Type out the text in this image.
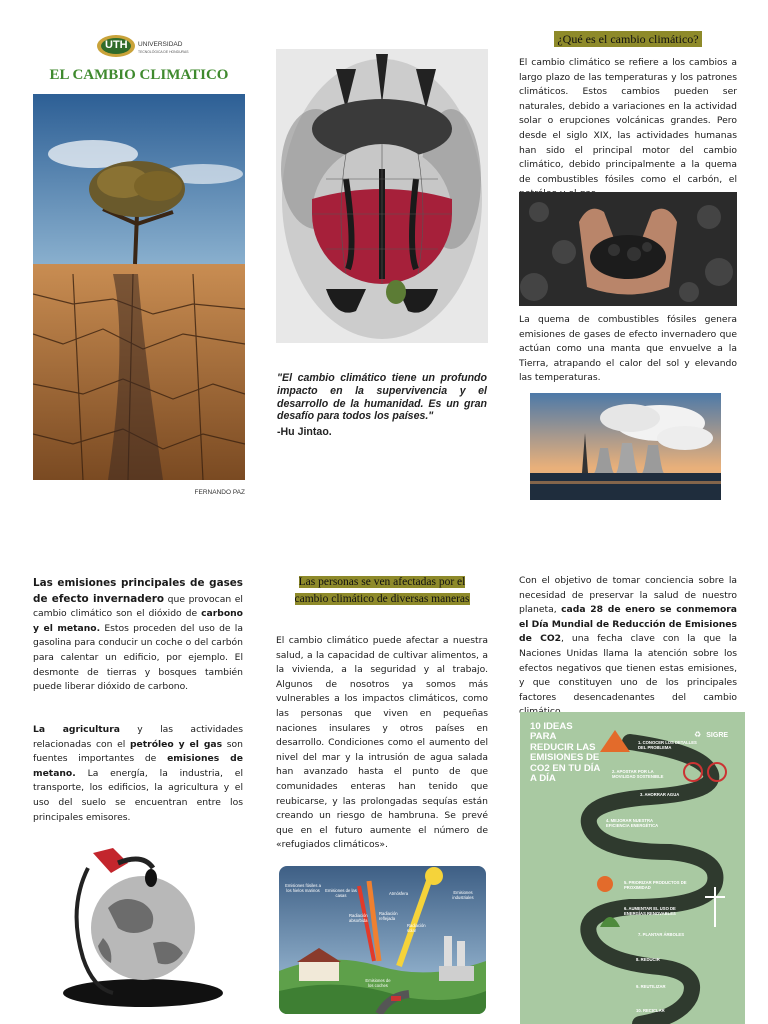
UTH UNIVERSIDAD
TECNOLÓGICA DE HONDURAS
EL CAMBIO CLIMATICO
FERNANDO PAZ
"El cambio climático tiene un profundo impacto en la supervivencia y el desarrollo de la humanidad. Es un gran desafío para todos los países."
-Hu Jintao.
¿Qué es el cambio climático?
El cambio climático se refiere a los cambios a largo plazo de las temperaturas y los patrones climáticos. Estos cambios pueden ser naturales, debido a variaciones en la actividad solar o erupciones volcánicas grandes. Pero desde el siglo XIX, las actividades humanas han sido el principal motor del cambio climático, debido principalmente a la quema de combustibles fósiles como el carbón, el
La quema de combustibles fósiles genera emisiones de gases de efecto invernadero que actúan como una manta que envuelve a la Tierra, atrapando el calor del sol y elevando las temperaturas.
Las emisiones principales de gases de efecto invernadero que provocan el cambio climático son el dióxido de carbono y el metano. Estos proceden del uso de la gasolina para conducir un coche o del carbón para calentar un edificio, por ejemplo. El desmonte de tierras y bosques también puede liberar dióxido de carbono.
La agricultura y las actividades relacionadas con el petróleo y el gas son fuentes importantes de emisiones de metano. La energía, la industria, el transporte, los edificios, la agricultura y el uso del suelo se encuentran entre los principales emisores.
Las personas se ven afectadas por el
cambio climático de diversas maneras
El cambio climático puede afectar a nuestra salud, a la capacidad de cultivar alimentos, a la vivienda, a la seguridad y al trabajo. Algunos de nosotros ya somos más vulnerables a los impactos climáticos, como las personas que viven en pequeñas naciones insulares y otros países en desarrollo. Condiciones como el aumento del nivel del mar y la intrusión de agua salada han avanzado hasta el punto de que comunidades enteras han tenido que reubicarse, y las prolongadas sequías están creando un riesgo de hambruna. Se prevé que en el futuro aumente el número de «refugiados climáticos».
Emisiones fósiles a los hielos marinos	Emisiones de las casas	Atmósfera	Emisiones industriales
Radiación absorbida
Radiación reflejada
Radiación solar
Emisiones de los coches
Con el objetivo de tomar conciencia sobre la necesidad de preservar la salud de nuestro planeta, cada 28 de enero se conmemora el Día Mundial de Reducción de Emisiones de CO2, una fecha clave con la que la Naciones Unidas llama la atención sobre los efectos negativos que tienen estas emisiones, y que constituyen uno de los principales factores desencadenantes del cambio
10 IDEAS PARA REDUCIR LAS EMISIONES DE CO2 EN TU DÍA A DÍA
♻ SIGRE
1. CONOCER LOS DETALLES DEL PROBLEMA
2. APOSTAR POR LA MOVILIDAD SOSTENIBLE
3. AHORRAR AGUA
4. MEJORAR NUESTRA EFICIENCIA ENERGÉTICA
5. PRIORIZAR PRODUCTOS DE PROXIMIDAD
6. AUMENTAR EL USO DE ENERGÍAS RENOVABLES
7. PLANTAR ÁRBOLES
8. REDUCIR
9. REUTILIZAR
10. RECICLAR
